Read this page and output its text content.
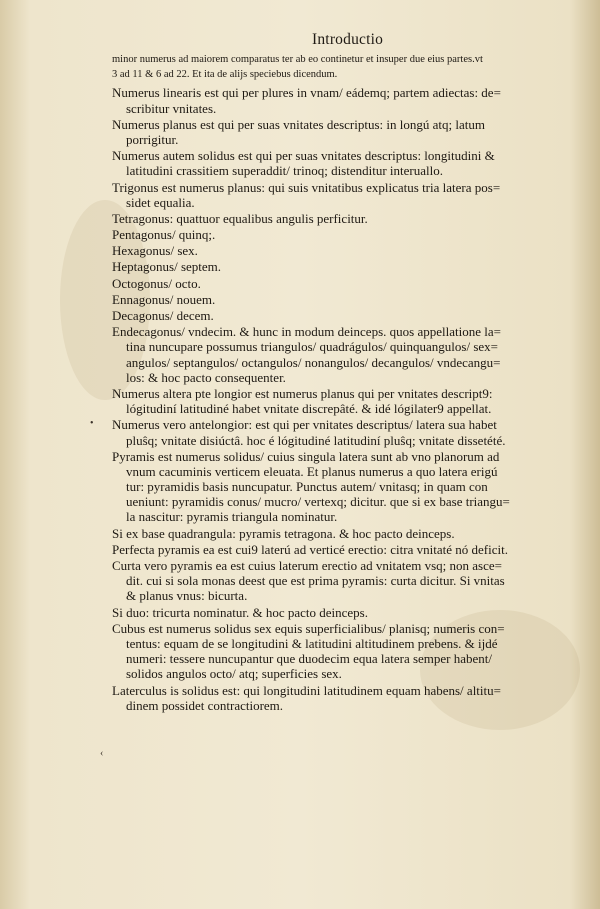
Introductio
•
‹
minor numerus ad maiorem comparatus ter ab eo continetur et insuper due eius partes.vt
3 ad 11 & 6 ad 22. Et ita de alijs speciebus dicendum.
Numerus linearis est qui per plures in vnam/ eádemq; partem adiectas: de=
scribitur vnitates.
Numerus planus est qui per suas vnitates descriptus: in longú atq; latum
porrigitur.
Numerus autem solidus est qui per suas vnitates descriptus: longitudini &
latitudini crassitiem superaddit/ trinoq; distenditur interuallo.
Trigonus est numerus planus: qui suis vnitatibus explicatus tria latera pos=
sidet equalia.
Tetragonus: quattuor equalibus angulis perficitur.
Pentagonus/ quinq;.
Hexagonus/ sex.
Heptagonus/ septem.
Octogonus/ octo.
Ennagonus/ nouem.
Decagonus/ decem.
Endecagonus/ vndecim. & hunc in modum deinceps. quos appellatione la=
tina nuncupare possumus triangulos/ quadrágulos/ quinquangulos/ sex=
angulos/ septangulos/ octangulos/ nonangulos/ decangulos/ vndecangu=
los: & hoc pacto consequenter.
Numerus altera pte longior est numerus planus qui per vnitates descript9:
lógitudiní latitudiné habet vnitate discrepâté. & idé lógilater9 appellat.
Numerus vero antelongior: est qui per vnitates descriptus/ latera sua habet
pluŝq; vnitate disiúctâ. hoc é lógitudiné latitudiní pluŝq; vnitate dissetété.
Pyramis est numerus solidus/ cuius singula latera sunt ab vno planorum ad
vnum cacuminis verticem eleuata. Et planus numerus a quo latera erigú
tur: pyramidis basis nuncupatur. Punctus autem/ vnitasq; in quam con
ueniunt: pyramidis conus/ mucro/ vertexq; dicitur. que si ex base triangu=
la nascitur: pyramis triangula nominatur.
Si ex base quadrangula: pyramis tetragona. & hoc pacto deinceps.
Perfecta pyramis ea est cui9 laterú ad verticé erectio: citra vnitaté nó deficit.
Curta vero pyramis ea est cuius laterum erectio ad vnitatem vsq; non asce=
dit. cui si sola monas deest que est prima pyramis: curta dicitur. Si vnitas
& planus vnus: bicurta.
Si duo: tricurta nominatur. & hoc pacto deinceps.
Cubus est numerus solidus sex equis superficialibus/ planisq; numeris con=
tentus: equam de se longitudini & latitudini altitudinem prebens. & ijdé
numeri: tessere nuncupantur que duodecim equa latera semper habent/
solidos angulos octo/ atq; superficies sex.
Laterculus is solidus est: qui longitudini latitudinem equam habens/ altitu=
dinem possidet contractiorem.
